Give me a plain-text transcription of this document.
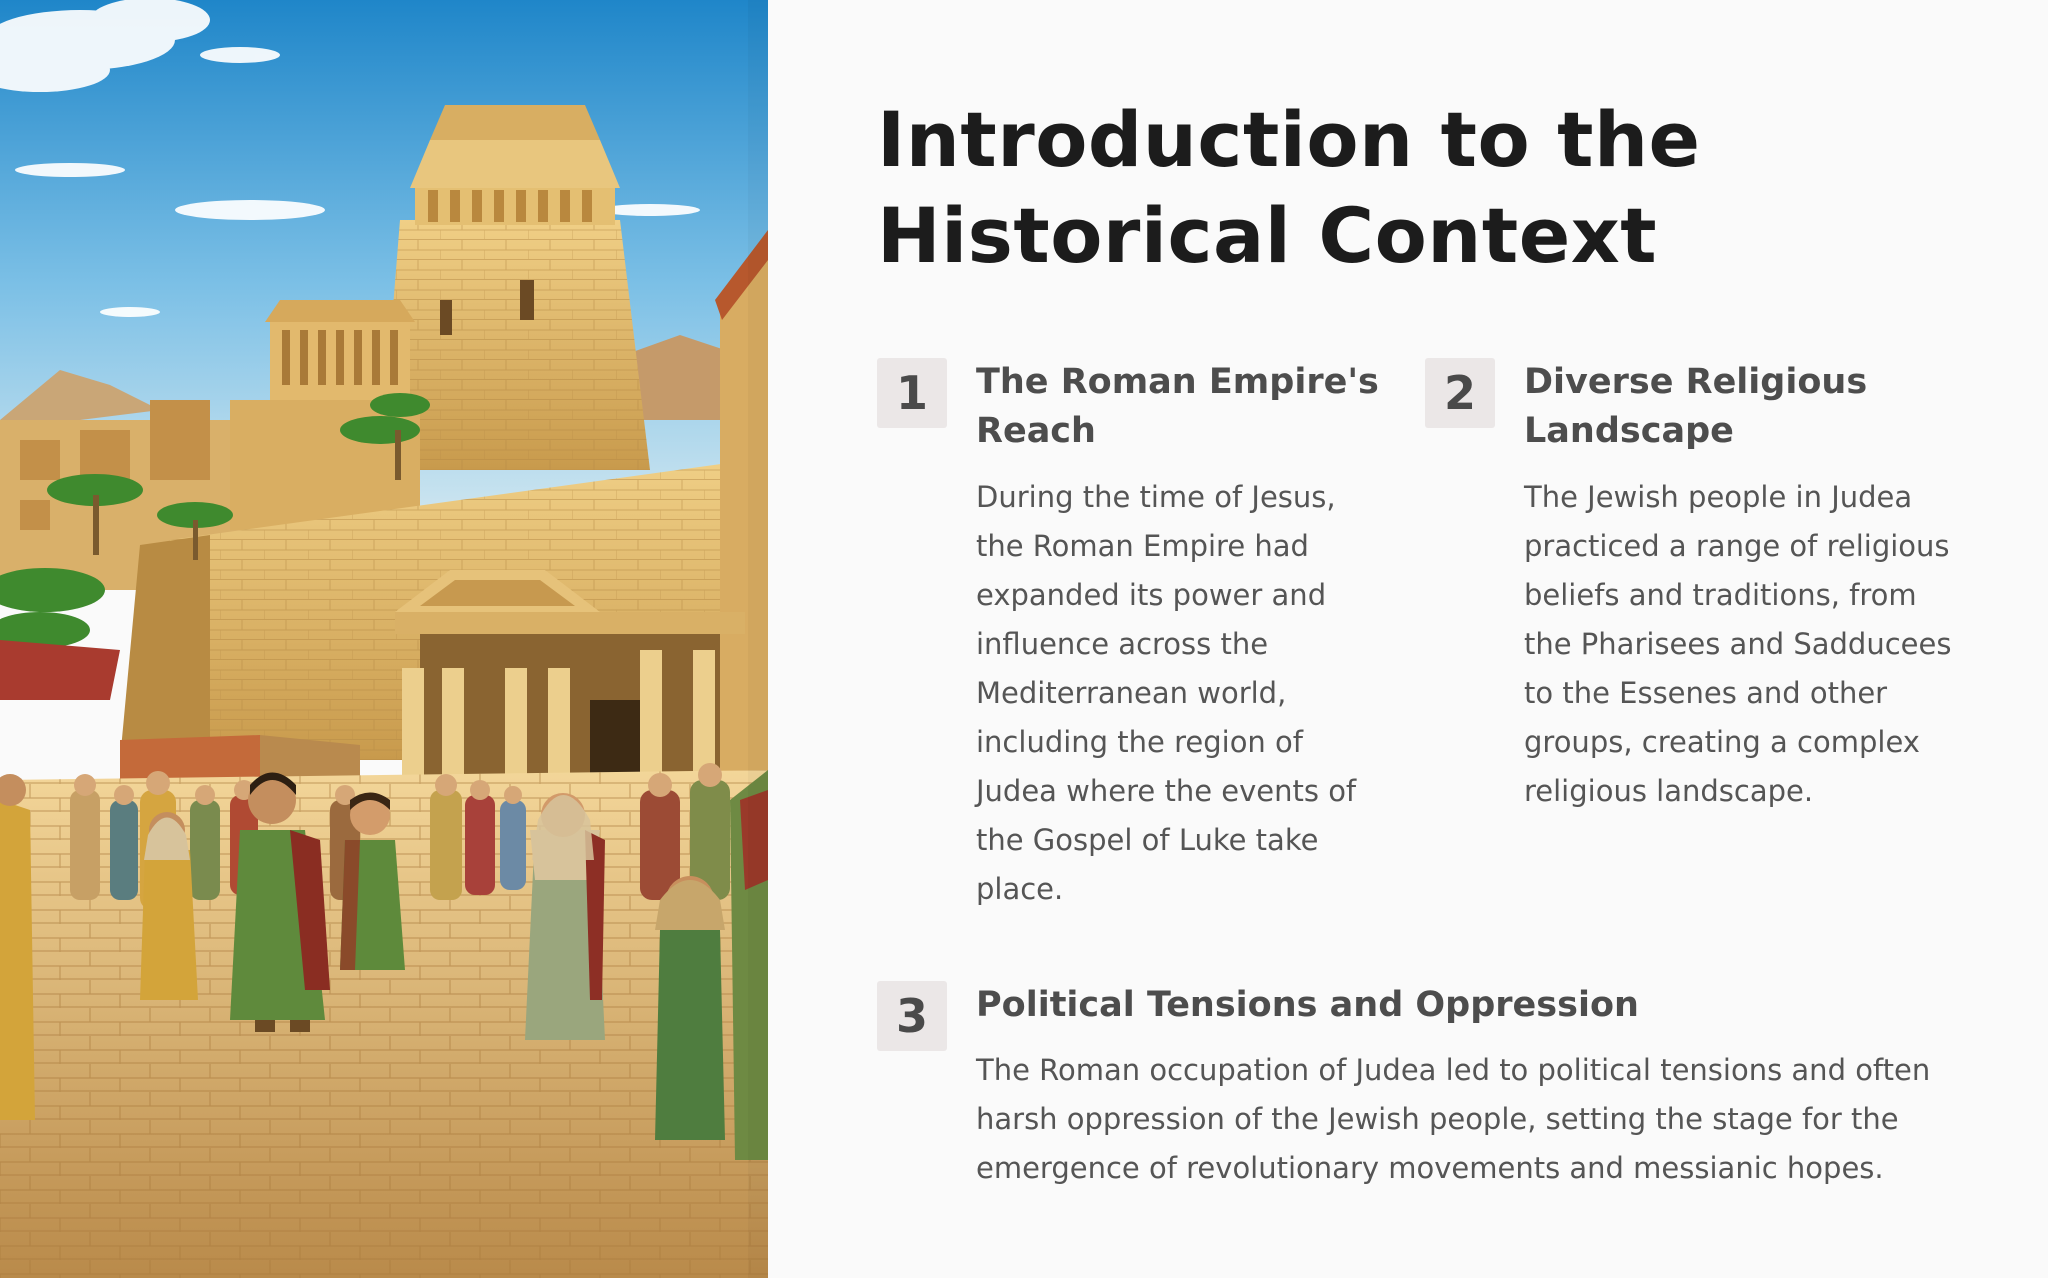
Introduction to the Historical Context
1	The Roman Empire's Reach

During the time of Jesus, the Roman Empire had expanded its power and influence across the Mediterranean world, including the region of Judea where the events of the Gospel of Luke take place.

2	Diverse Religious Landscape

The Jewish people in Judea practiced a range of religious beliefs and traditions, from the Pharisees and Sadducees to the Essenes and other groups, creating a complex religious landscape.

3	Political Tensions and Oppression

The Roman occupation of Judea led to political tensions and often harsh oppression of the Jewish people, setting the stage for the emergence of revolutionary movements and messianic hopes.
